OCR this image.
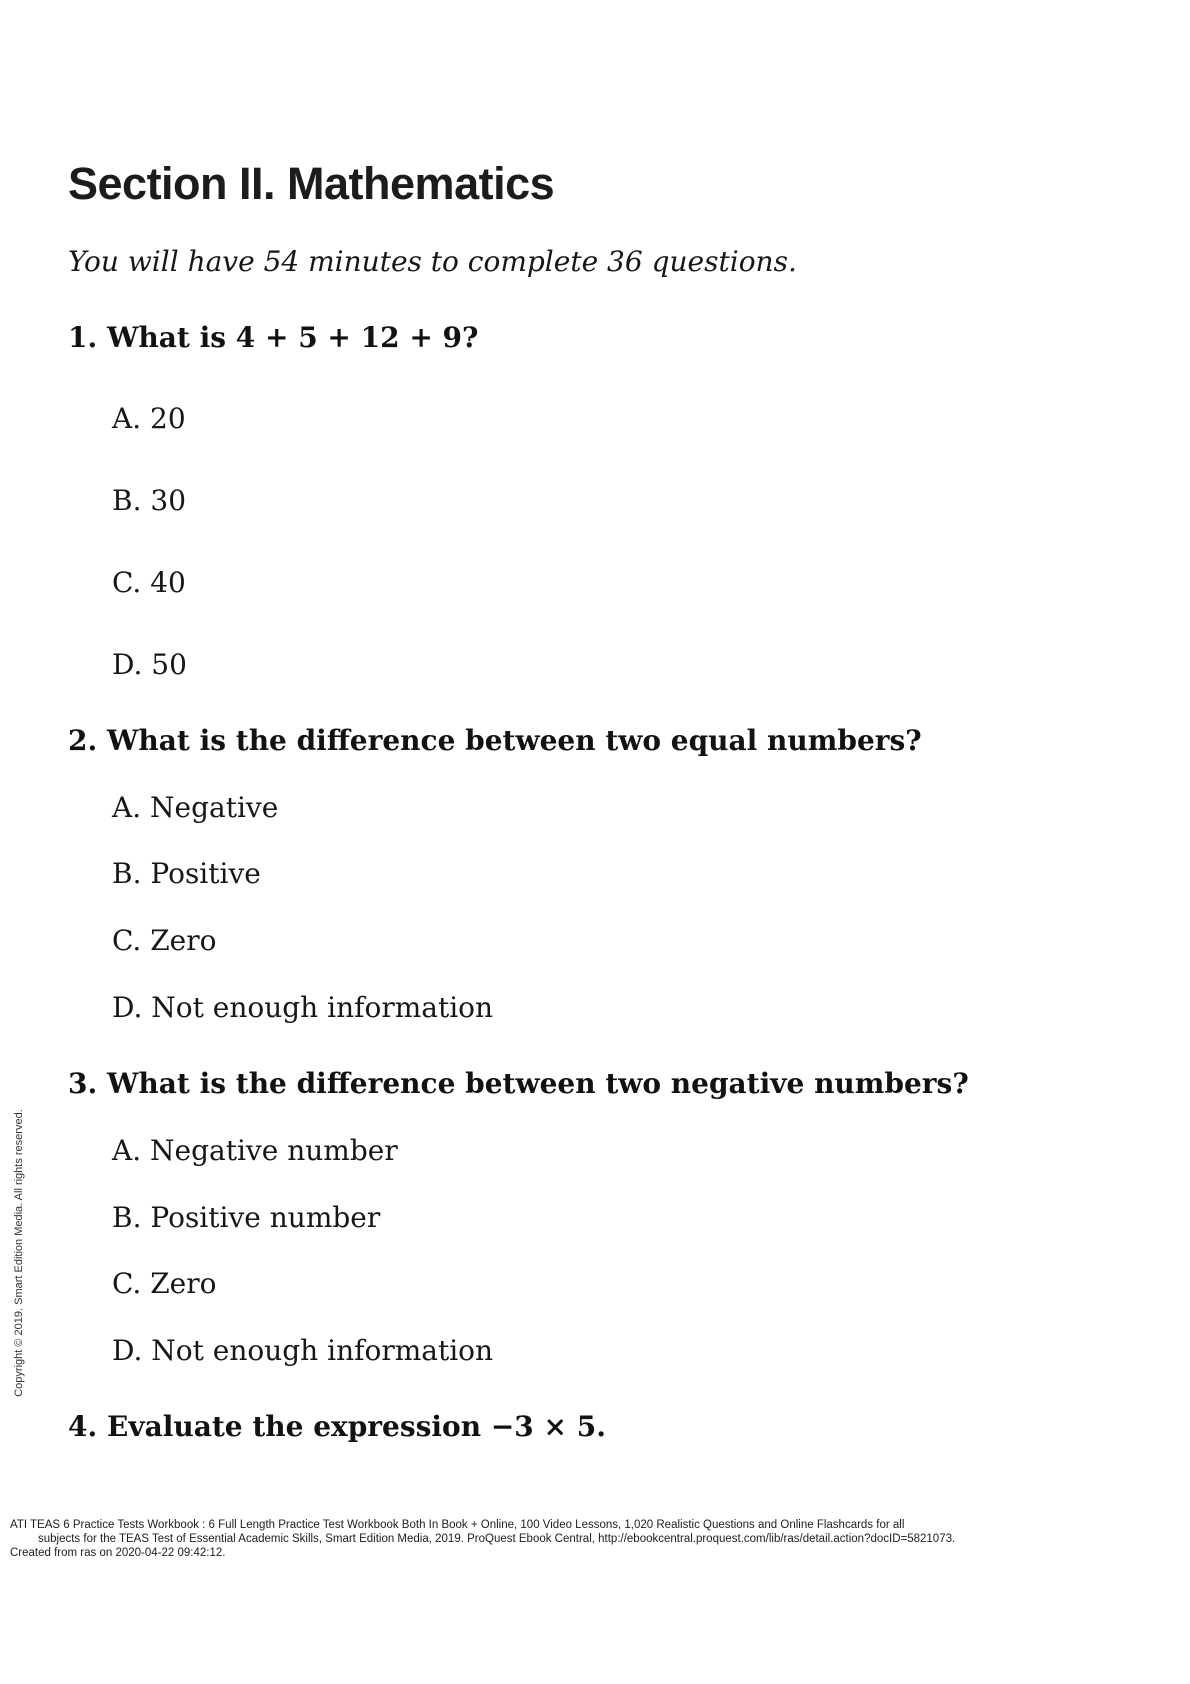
Copyright © 2019. Smart Edition Media. All rights reserved.
Section II. Mathematics

You will have 54 minutes to complete 36 questions.

1. What is 4 + 5 + 12 + 9?
A. 20
B. 30
C. 40
D. 50
2. What is the difference between two equal numbers?
A. Negative
B. Positive
C. Zero
D. Not enough information
3. What is the difference between two negative numbers?
A. Negative number
B. Positive number
C. Zero
D. Not enough information
4. Evaluate the expression −3 × 5.
ATI TEAS 6 Practice Tests Workbook : 6 Full Length Practice Test Workbook Both In Book + Online, 100 Video Lessons, 1,020 Realistic Questions and Online Flashcards for all
subjects for the TEAS Test of Essential Academic Skills, Smart Edition Media, 2019. ProQuest Ebook Central, http://ebookcentral.proquest.com/lib/ras/detail.action?docID=5821073.
Created from ras on 2020-04-22 09:42:12.
